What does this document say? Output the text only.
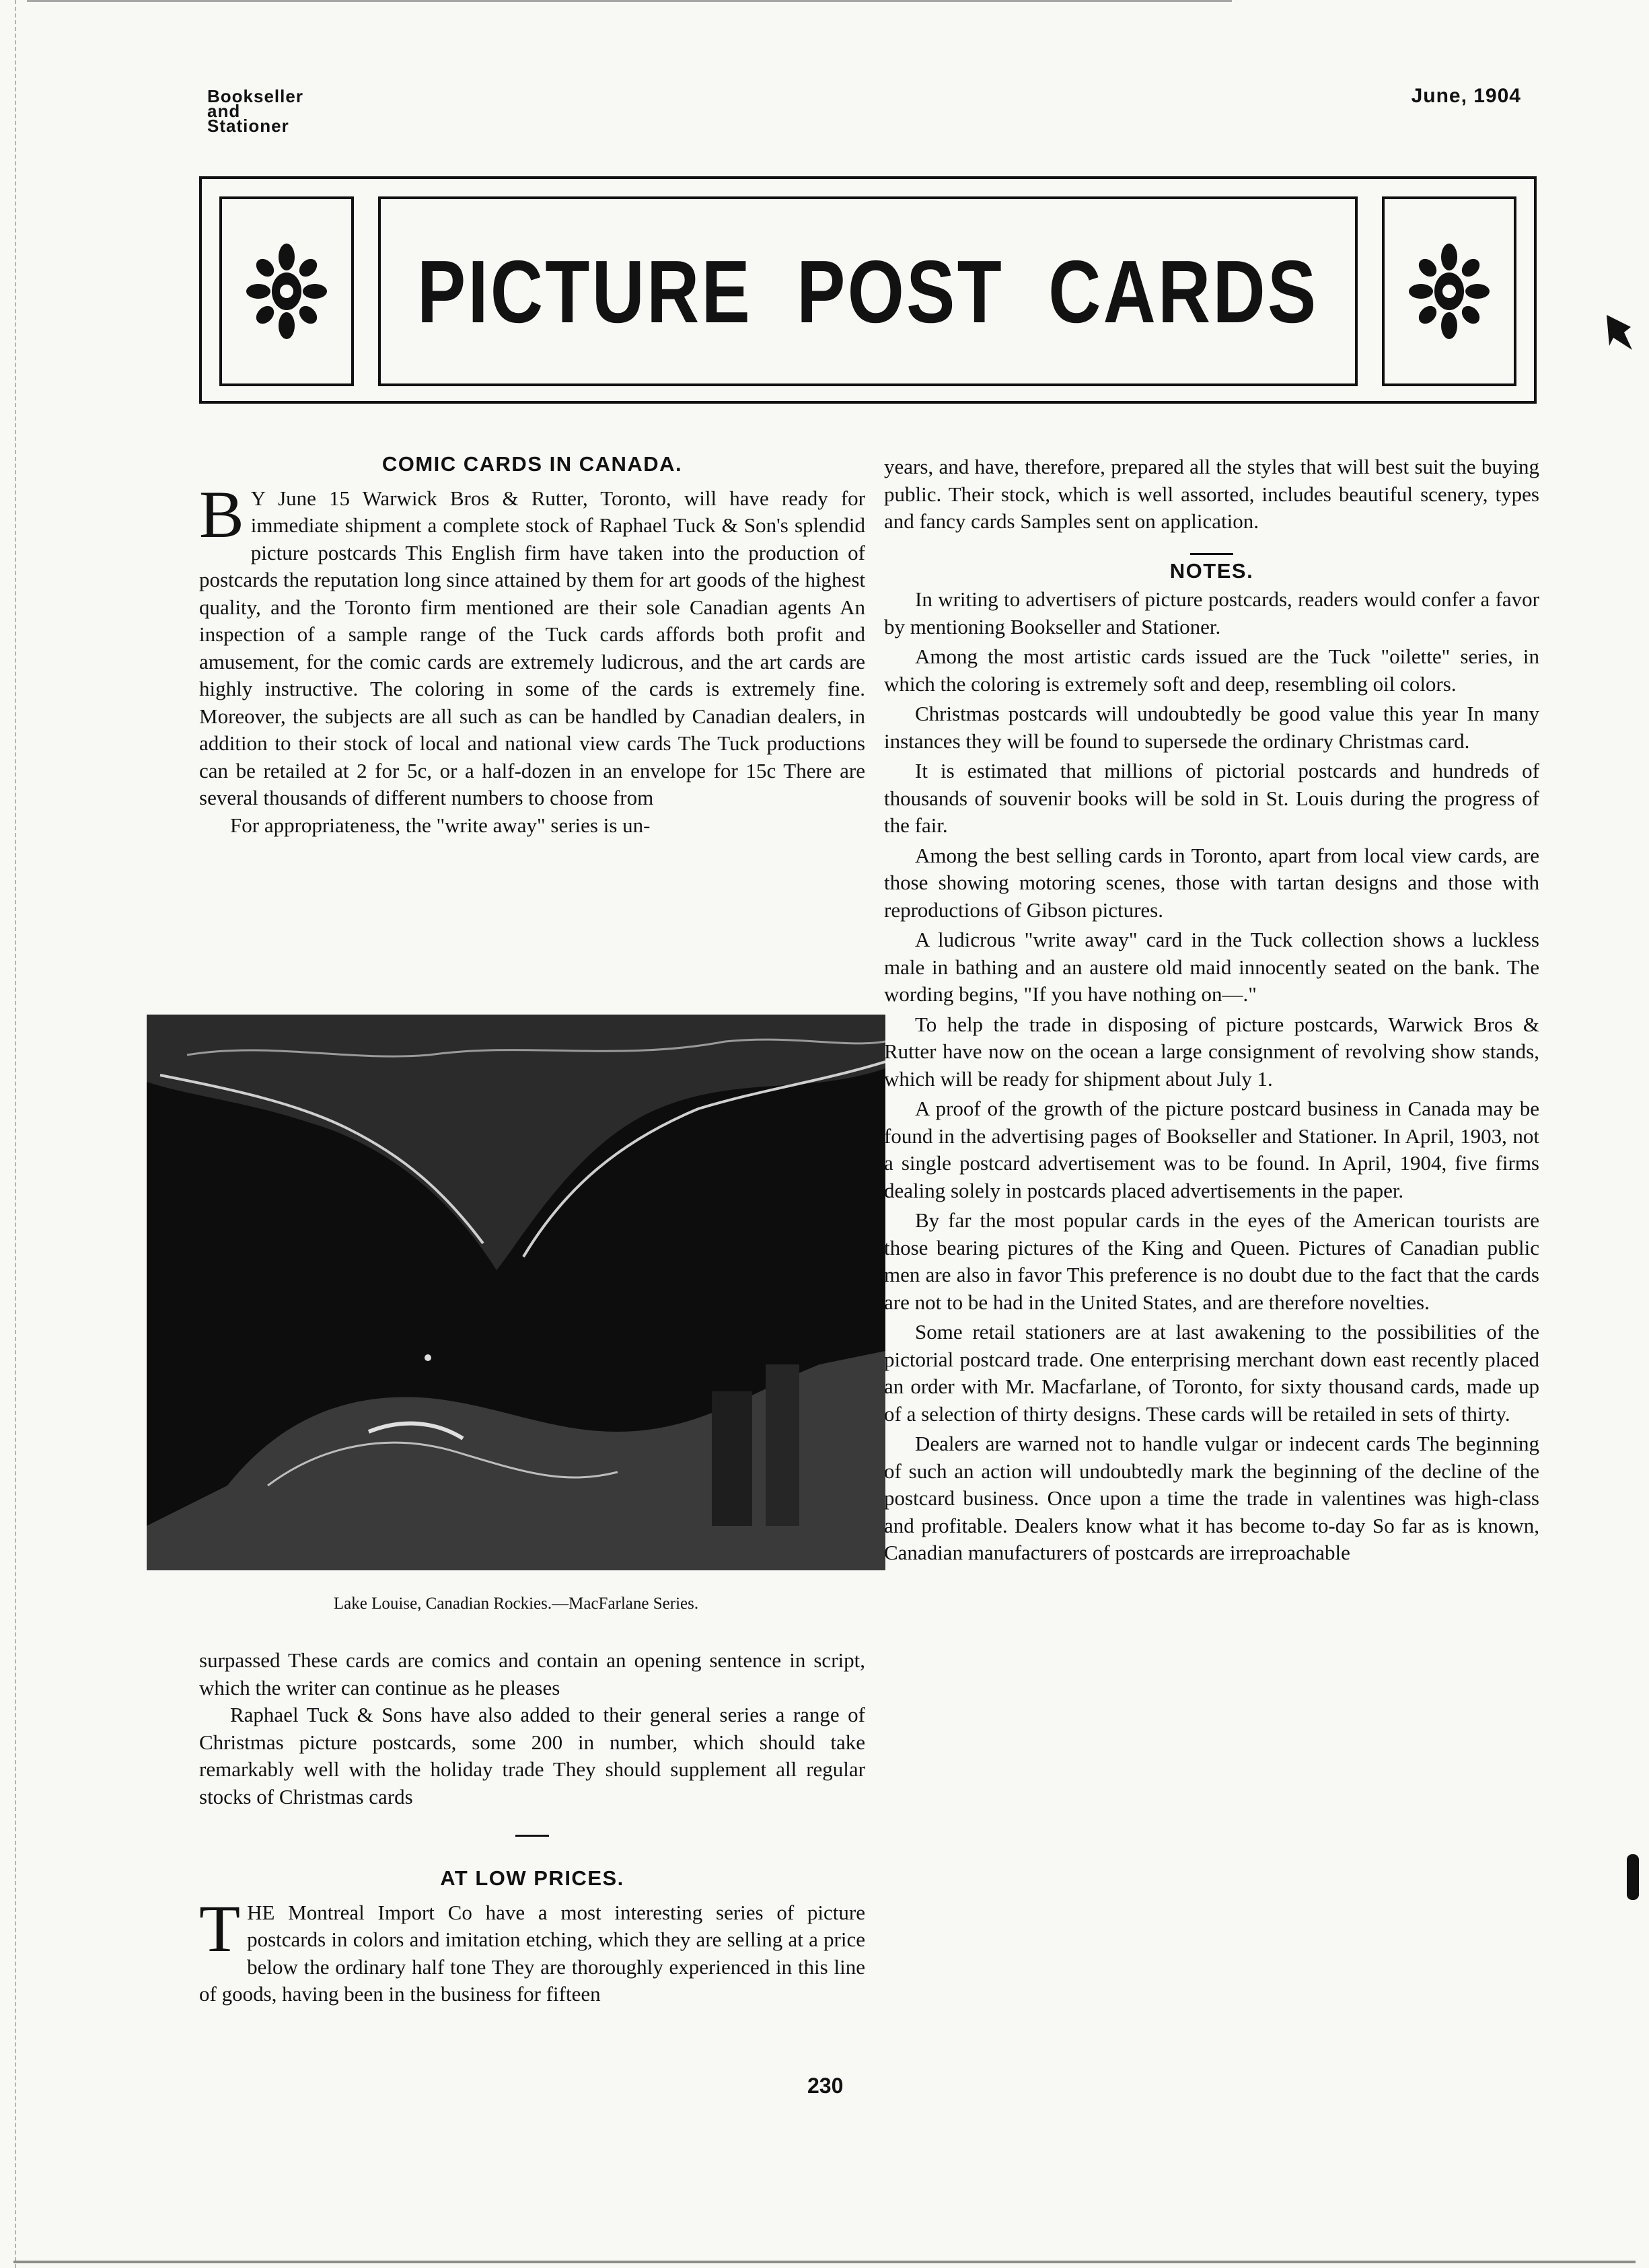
Bookseller and Stationer
June, 1904
PICTURE POST CARDS

COMIC CARDS IN CANADA.

B Y June 15 Warwick Bros & Rutter, Toronto, will have ready for immediate shipment a complete stock of Raphael Tuck & Son's splendid picture postcards This English firm have taken into the production of postcards the reputation long since attained by them for art goods of the highest quality, and the Toronto firm mentioned are their sole Canadian agents An inspection of a sample range of the Tuck cards affords both profit and amusement, for the comic cards are extremely ludicrous, and the art cards are highly instructive. The coloring in some of the cards is extremely fine. Moreover, the subjects are all such as can be handled by Canadian dealers, in addition to their stock of local and national view cards The Tuck productions can be retailed at 2 for 5c, or a half-dozen in an envelope for 15c There are several thousands of different numbers to choose from

For appropriateness, the "write away" series is un-

Lake Louise, Canadian Rockies.—MacFarlane Series.

surpassed These cards are comics and contain an opening sentence in script, which the writer can continue as he pleases

Raphael Tuck & Sons have also added to their general series a range of Christmas picture postcards, some 200 in number, which should take remarkably well with the holiday trade They should supplement all regular stocks of Christmas cards

AT LOW PRICES.

T HE Montreal Import Co have a most interesting series of picture postcards in colors and imitation etching, which they are selling at a price below the ordinary half tone They are thoroughly experienced in this line of goods, having been in the business for fifteen

years, and have, therefore, prepared all the styles that will best suit the buying public. Their stock, which is well assorted, includes beautiful scenery, types and fancy cards Samples sent on application.

NOTES.

In writing to advertisers of picture postcards, readers would confer a favor by mentioning Bookseller and Stationer.

Among the most artistic cards issued are the Tuck "oilette" series, in which the coloring is extremely soft and deep, resembling oil colors.

Christmas postcards will undoubtedly be good value this year In many instances they will be found to supersede the ordinary Christmas card.

It is estimated that millions of pictorial postcards and hundreds of thousands of souvenir books will be sold in St. Louis during the progress of the fair.

Among the best selling cards in Toronto, apart from local view cards, are those showing motoring scenes, those with tartan designs and those with reproductions of Gibson pictures.

A ludicrous "write away" card in the Tuck collection shows a luckless male in bathing and an austere old maid innocently seated on the bank. The wording begins, "If you have nothing on—."

To help the trade in disposing of picture postcards, Warwick Bros & Rutter have now on the ocean a large consignment of revolving show stands, which will be ready for shipment about July 1.

A proof of the growth of the picture postcard business in Canada may be found in the advertising pages of Bookseller and Stationer. In April, 1903, not a single postcard advertisement was to be found. In April, 1904, five firms dealing solely in postcards placed advertisements in the paper.

By far the most popular cards in the eyes of the American tourists are those bearing pictures of the King and Queen. Pictures of Canadian public men are also in favor This preference is no doubt due to the fact that the cards are not to be had in the United States, and are therefore novelties.

Some retail stationers are at last awakening to the possibilities of the pictorial postcard trade. One enterprising merchant down east recently placed an order with Mr. Macfarlane, of Toronto, for sixty thousand cards, made up of a selection of thirty designs. These cards will be retailed in sets of thirty.

Dealers are warned not to handle vulgar or indecent cards The beginning of such an action will undoubtedly mark the beginning of the decline of the postcard business. Once upon a time the trade in valentines was high-class and profitable. Dealers know what it has become to-day So far as is known, Canadian manufacturers of postcards are irreproachable

230
